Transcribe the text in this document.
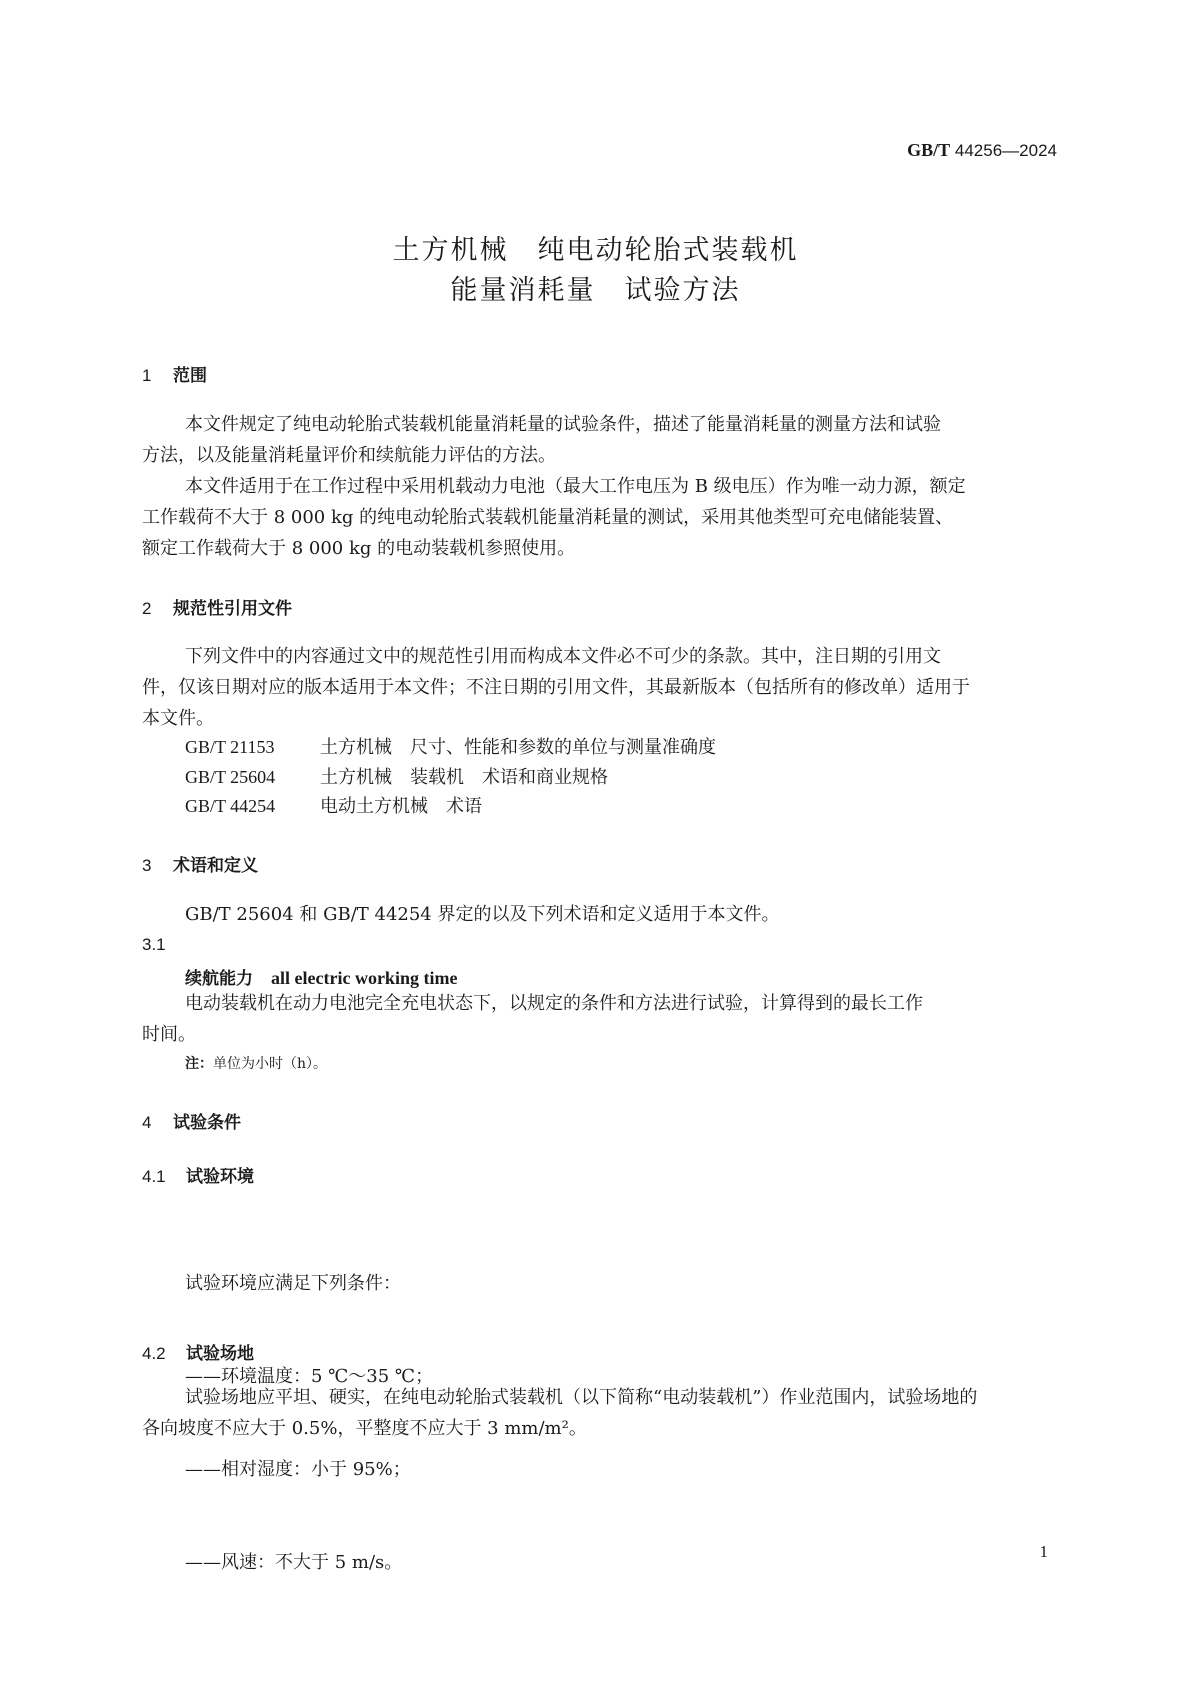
GB/T 44256—2024
土方机械　纯电动轮胎式装载机
能量消耗量　试验方法
1 范围
本文件规定了纯电动轮胎式装载机能量消耗量的试验条件，描述了能量消耗量的测量方法和试验
方法，以及能量消耗量评价和续航能力评估的方法。
本文件适用于在工作过程中采用机载动力电池（最大工作电压为 B 级电压）作为唯一动力源，额定
工作载荷不大于 8 000 kg 的纯电动轮胎式装载机能量消耗量的测试，采用其他类型可充电储能装置、
额定工作载荷大于 8 000 kg 的电动装载机参照使用。
2 规范性引用文件
下列文件中的内容通过文中的规范性引用而构成本文件必不可少的条款。其中，注日期的引用文
件，仅该日期对应的版本适用于本文件；不注日期的引用文件，其最新版本（包括所有的修改单）适用于
本文件。
GB/T 21153	土方机械　尺寸、性能和参数的单位与测量准确度
GB/T 25604 土方机械　装载机　术语和商业规格
GB/T 44254 电动土方机械　术语
3 术语和定义
GB/T 25604 和 GB/T 44254 界定的以及下列术语和定义适用于本文件。
3.1
续航能力 all electric working time
电动装载机在动力电池完全充电状态下，以规定的条件和方法进行试验，计算得到的最长工作
时间。
注：单位为小时（h）。
4 试验条件
4.1 试验环境

试验环境应满足下列条件：

——环境温度：5 ℃～35 ℃；

——相对湿度：小于 95%；

——风速：不大于 5 m/s。

4.2 试验场地
试验场地应平坦、硬实，在纯电动轮胎式装载机（以下简称“电动装载机”）作业范围内，试验场地的
各向坡度不应大于 0.5%，平整度不应大于 3 mm/m²。
1
